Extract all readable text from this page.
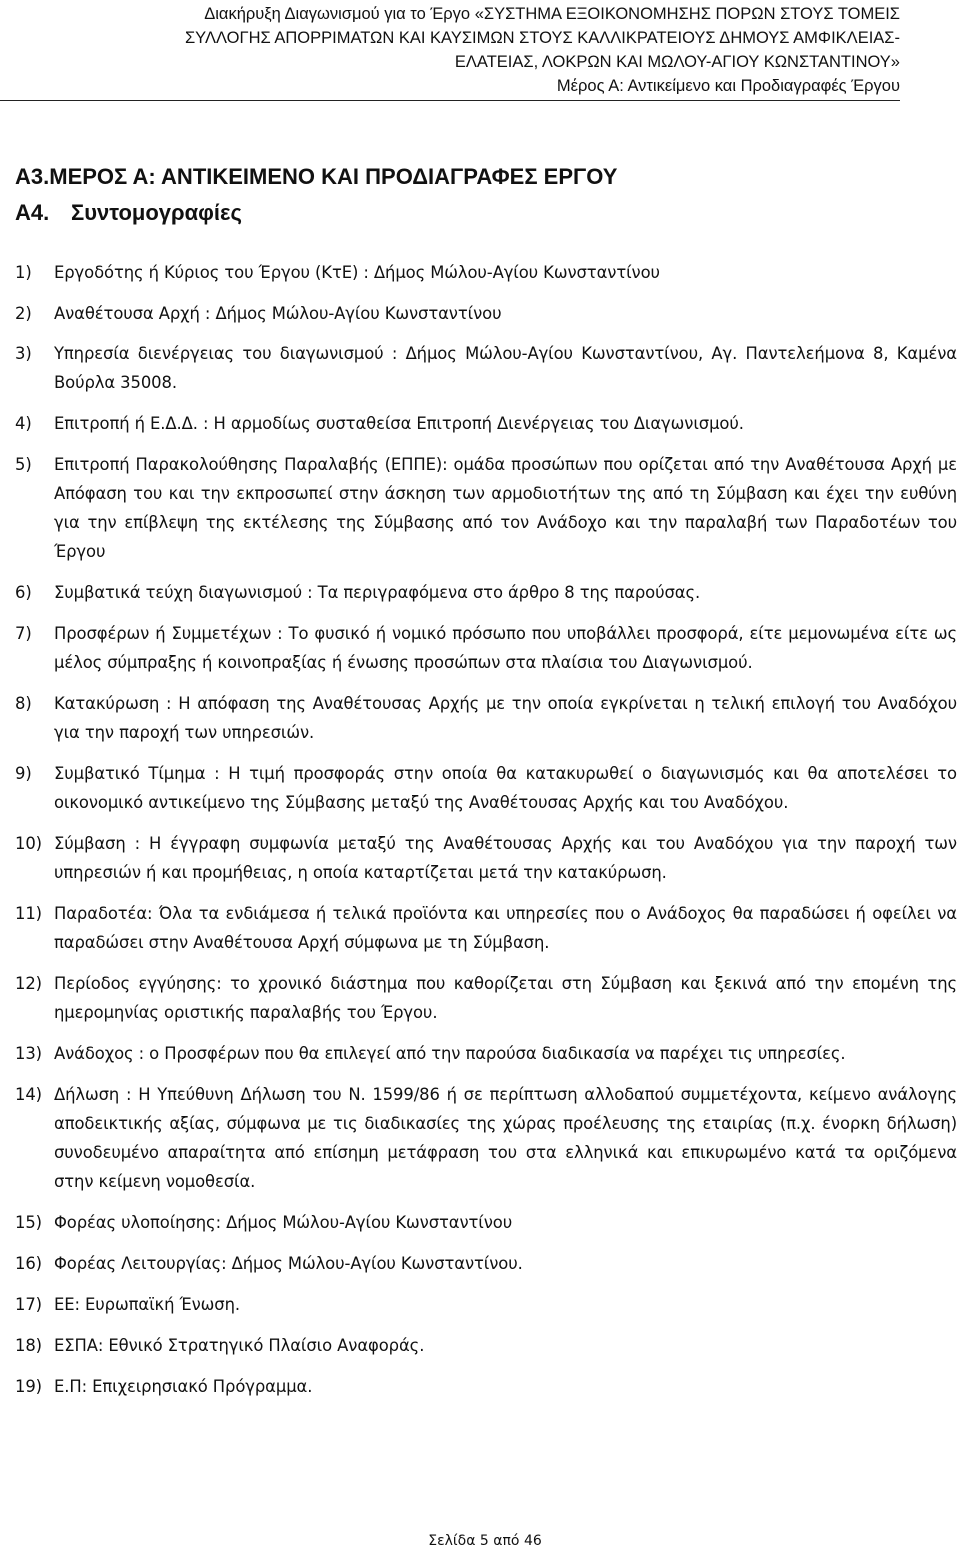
Διακήρυξη Διαγωνισμού για το Έργο «ΣΥΣΤΗΜΑ ΕΞΟΙΚΟΝΟΜΗΣΗΣ ΠΟΡΩΝ ΣΤΟΥΣ ΤΟΜΕΙΣ
ΣΥΛΛΟΓΗΣ ΑΠΟΡΡΙΜΑΤΩΝ ΚΑΙ ΚΑΥΣΙΜΩΝ ΣΤΟΥΣ ΚΑΛΛΙΚΡΑΤΕΙΟΥΣ ΔΗΜΟΥΣ ΑΜΦΙΚΛΕΙΑΣ-
ΕΛΑΤΕΙΑΣ, ΛΟΚΡΩΝ ΚΑΙ ΜΩΛΟΥ-ΑΓΙΟΥ ΚΩΝΣΤΑΝΤΙΝΟΥ»
Μέρος Α: Αντικείμενο και Προδιαγραφές Έργου
Α3.ΜΕΡΟΣ Α: ΑΝΤΙΚΕΙΜΕΝΟ ΚΑΙ ΠΡΟΔΙΑΓΡΑΦΕΣ ΕΡΓΟΥ
Α4. Συντομογραφίες
1) Εργοδότης ή Κύριος του Έργου (ΚτΕ) : Δήμος Μώλου-Αγίου Κωνσταντίνου
2) Αναθέτουσα Αρχή : Δήμος Μώλου-Αγίου Κωνσταντίνου
3) Υπηρεσία διενέργειας του διαγωνισμού : Δήμος Μώλου-Αγίου Κωνσταντίνου, Αγ. Παντελεήμονα 8, Καμένα Βούρλα 35008.
4) Επιτροπή ή Ε.Δ.Δ. : Η αρμοδίως συσταθείσα Επιτροπή Διενέργειας του Διαγωνισμού.
5) Επιτροπή Παρακολούθησης Παραλαβής (ΕΠΠΕ): ομάδα προσώπων που ορίζεται από την Αναθέτουσα Αρχή με Απόφαση του και την εκπροσωπεί στην άσκηση των αρμοδιοτήτων της από τη Σύμβαση και έχει την ευθύνη για την επίβλεψη της εκτέλεσης της Σύμβασης από τον Ανάδοχο και την παραλαβή των Παραδοτέων του Έργου
6) Συμβατικά τεύχη διαγωνισμού : Τα περιγραφόμενα στο άρθρο 8 της παρούσας.
7) Προσφέρων ή Συμμετέχων : Το φυσικό ή νομικό πρόσωπο που υποβάλλει προσφορά, είτε μεμονωμένα είτε ως μέλος σύμπραξης ή κοινοπραξίας ή ένωσης προσώπων στα πλαίσια του Διαγωνισμού.
8) Κατακύρωση : Η απόφαση της Αναθέτουσας Αρχής με την οποία εγκρίνεται η τελική επιλογή του Αναδόχου για την παροχή των υπηρεσιών.
9) Συμβατικό Τίμημα : Η τιμή προσφοράς στην οποία θα κατακυρωθεί ο διαγωνισμός και θα αποτελέσει το οικονομικό αντικείμενο της Σύμβασης μεταξύ της Αναθέτουσας Αρχής και του Αναδόχου.
10) Σύμβαση : Η έγγραφη συμφωνία μεταξύ της Αναθέτουσας Αρχής και του Αναδόχου για την παροχή των υπηρεσιών ή και προμήθειας, η οποία καταρτίζεται μετά την κατακύρωση.
11) Παραδοτέα: Όλα τα ενδιάμεσα ή τελικά προϊόντα και υπηρεσίες που ο Ανάδοχος θα παραδώσει ή οφείλει να παραδώσει στην Αναθέτουσα Αρχή σύμφωνα με τη Σύμβαση.
12) Περίοδος εγγύησης: το χρονικό διάστημα που καθορίζεται στη Σύμβαση και ξεκινά από την επομένη της ημερομηνίας οριστικής παραλαβής του Έργου.
13) Ανάδοχος : ο Προσφέρων που θα επιλεγεί από την παρούσα διαδικασία να παρέχει τις υπηρεσίες.
14) Δήλωση : Η Υπεύθυνη Δήλωση του Ν. 1599/86 ή σε περίπτωση αλλοδαπού συμμετέχοντα, κείμενο ανάλογης αποδεικτικής αξίας, σύμφωνα με τις διαδικασίες της χώρας προέλευσης της εταιρίας (π.χ. ένορκη δήλωση) συνοδευμένο απαραίτητα από επίσημη μετάφραση του στα ελληνικά και επικυρωμένο κατά τα οριζόμενα στην κείμενη νομοθεσία.
15) Φορέας υλοποίησης: Δήμος Μώλου-Αγίου Κωνσταντίνου
16) Φορέας Λειτουργίας: Δήμος Μώλου-Αγίου Κωνσταντίνου.
17) ΕΕ: Ευρωπαϊκή Ένωση.
18) ΕΣΠΑ: Εθνικό Στρατηγικό Πλαίσιο Αναφοράς.
19) Ε.Π: Επιχειρησιακό Πρόγραμμα.
Σελίδα 5 από 46
